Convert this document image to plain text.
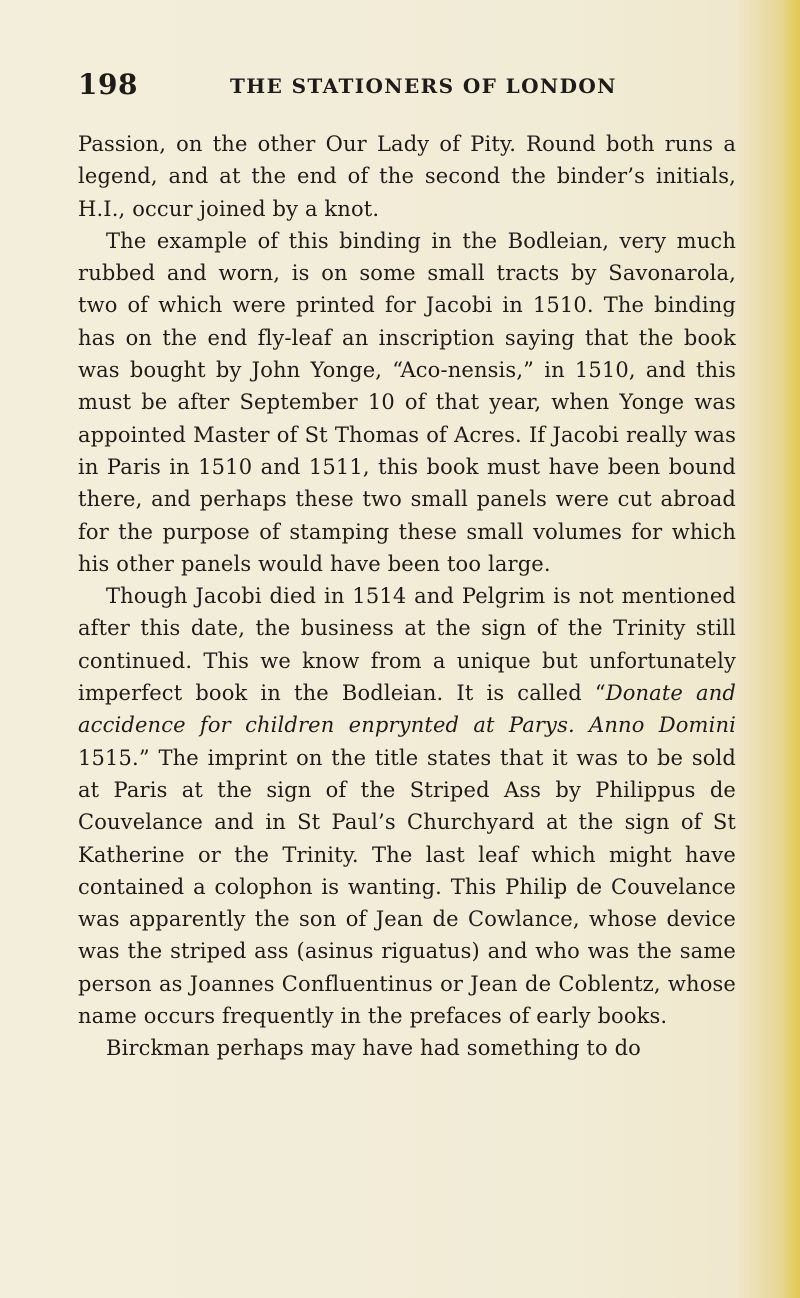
198	THE STATIONERS OF LONDON

Passion, on the other Our Lady of Pity. Round both runs a legend, and at the end of the second the binder’s initials, H.I., occur joined by a knot.

The example of this binding in the Bodleian, very much rubbed and worn, is on some small tracts by Savonarola, two of which were printed for Jacobi in 1510. The binding has on the end fly-leaf an inscription saying that the book was bought by John Yonge, “Aco-nensis,” in 1510, and this must be after September 10 of that year, when Yonge was appointed Master of St Thomas of Acres. If Jacobi really was in Paris in 1510 and 1511, this book must have been bound there, and perhaps these two small panels were cut abroad for the purpose of stamping these small volumes for which his other panels would have been too large.

Though Jacobi died in 1514 and Pelgrim is not mentioned after this date, the business at the sign of the Trinity still continued. This we know from a unique but unfortunately imperfect book in the Bodleian. It is called “Donate and accidence for children enprynted at Parys. Anno Domini 1515.” The imprint on the title states that it was to be sold at Paris at the sign of the Striped Ass by Philippus de Couvelance and in St Paul’s Churchyard at the sign of St Katherine or the Trinity. The last leaf which might have contained a colophon is wanting. This Philip de Couvelance was apparently the son of Jean de Cowlance, whose device was the striped ass (asinus riguatus) and who was the same person as Joannes Confluentinus or Jean de Coblentz, whose name occurs frequently in the prefaces of early books.

Birckman perhaps may have had something to do
